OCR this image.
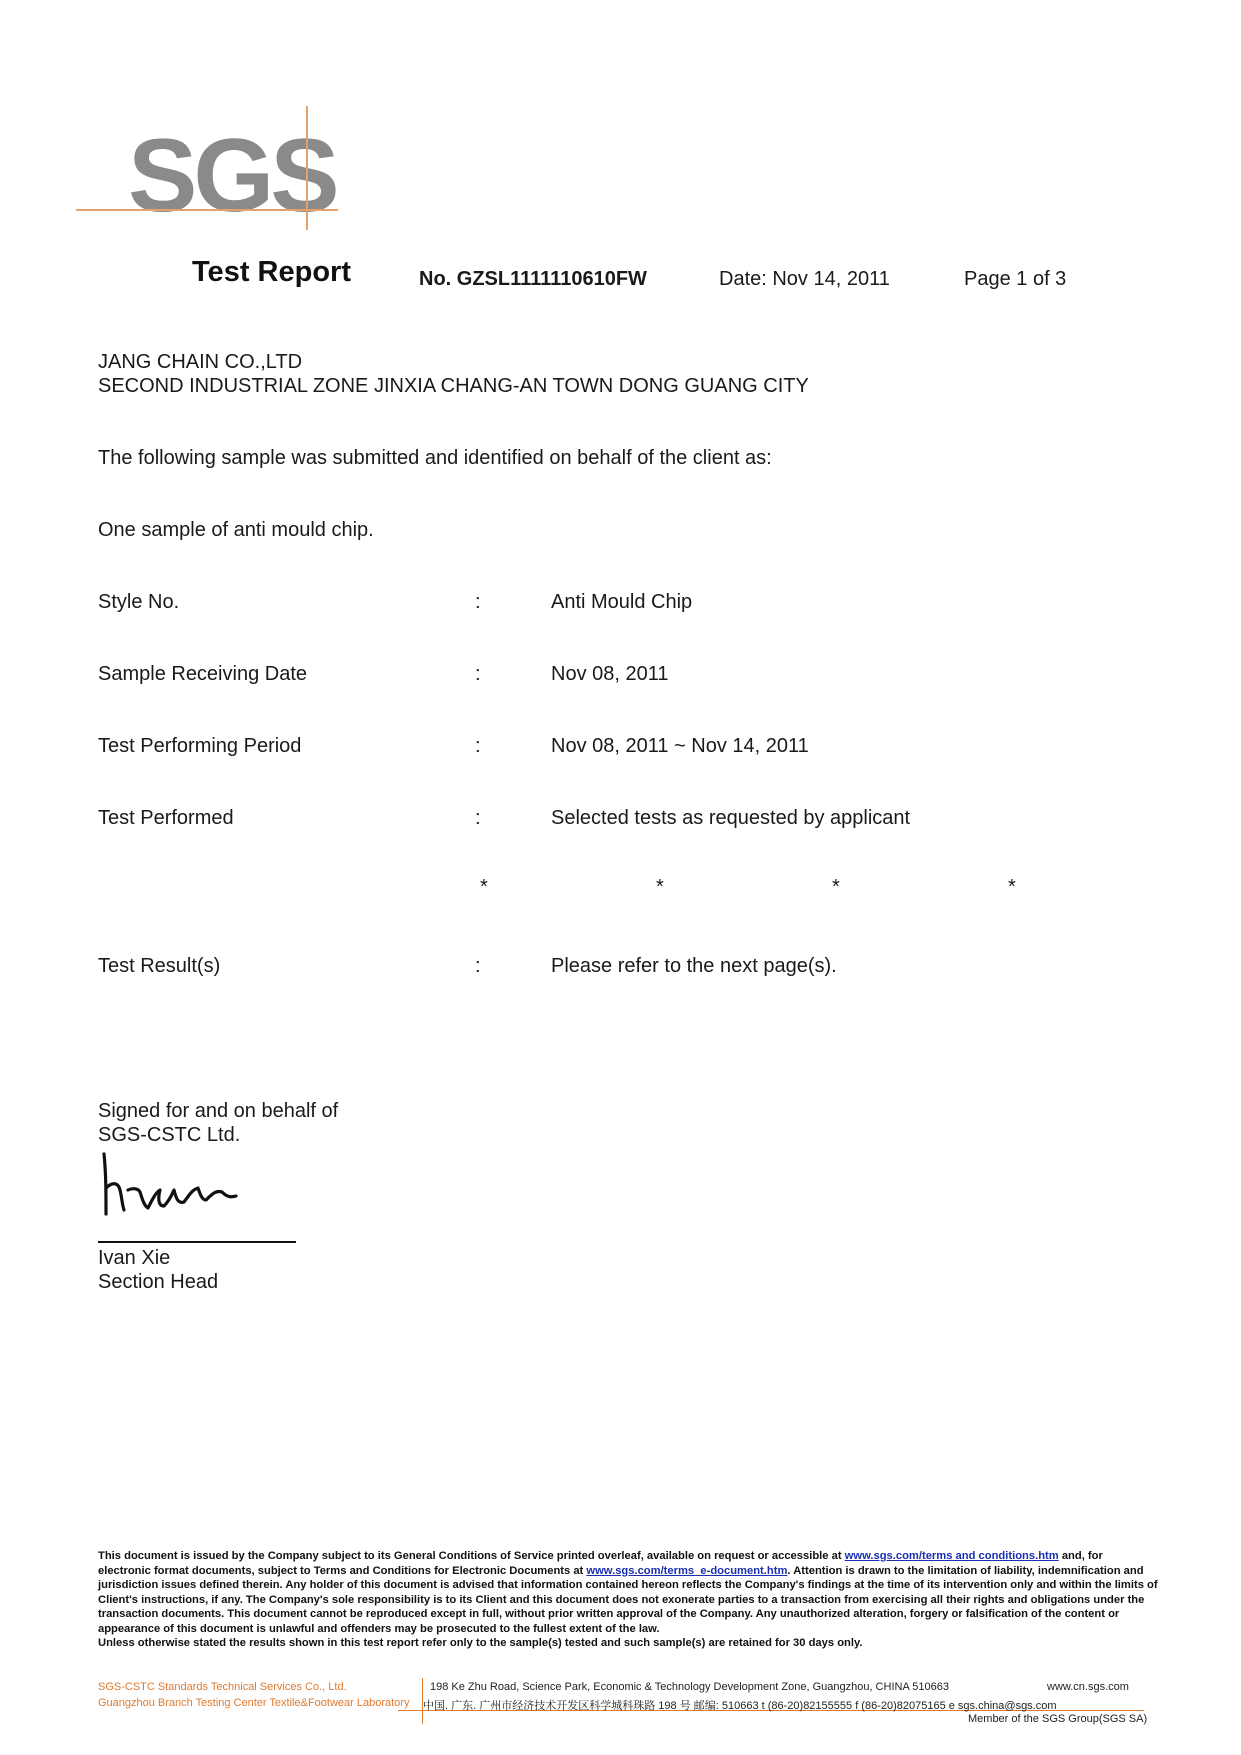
SGS
Test Report	No. GZSL1111110610FW	Date: Nov 14, 2011	Page 1 of 3
JANG CHAIN CO.,LTD
SECOND INDUSTRIAL ZONE JINXIA CHANG-AN TOWN DONG GUANG CITY
The following sample was submitted and identified on behalf of the client as:
One sample of anti mould chip.
Style No.	:	Anti Mould Chip
Sample Receiving Date	:	Nov 08, 2011
Test Performing Period	:	Nov 08, 2011 ~ Nov 14, 2011
Test Performed	:	Selected tests as requested by applicant
*	*	*	*
Test Result(s)	:	Please refer to the next page(s).
Signed for and on behalf of
SGS-CSTC Ltd.
Ivan Xie
Section Head

This document is issued by the Company subject to its General Conditions of Service printed overleaf, available on request or accessible at www.sgs.com/terms and conditions.htm and, for electronic format documents, subject to Terms and Conditions for Electronic Documents at www.sgs.com/terms_e-document.htm. Attention is drawn to the limitation of liability, indemnification and jurisdiction issues defined therein. Any holder of this document is advised that information contained hereon reflects the Company's findings at the time of its intervention only and within the limits of Client's instructions, if any. The Company's sole responsibility is to its Client and this document does not exonerate parties to a transaction from exercising all their rights and obligations under the transaction documents. This document cannot be reproduced except in full, without prior written approval of the Company. Any unauthorized alteration, forgery or falsification of the content or appearance of this document is unlawful and offenders may be prosecuted to the fullest extent of the law.

Unless otherwise stated the results shown in this test report refer only to the sample(s) tested and such sample(s) are retained for 30 days only.

SGS-CSTC Standards Technical Services Co., Ltd.
Guangzhou Branch Testing Center Textile&Footwear Laboratory
198 Ke Zhu Road, Science Park, Economic & Technology Development Zone, Guangzhou, CHINA 510663
中国. 广东. 广州市经济技术开发区科学城科珠路 198 号 邮编: 510663 t (86-20)82155555 f (86-20)82075165 e sgs.china@sgs.com
www.cn.sgs.com
Member of the SGS Group(SGS SA)
